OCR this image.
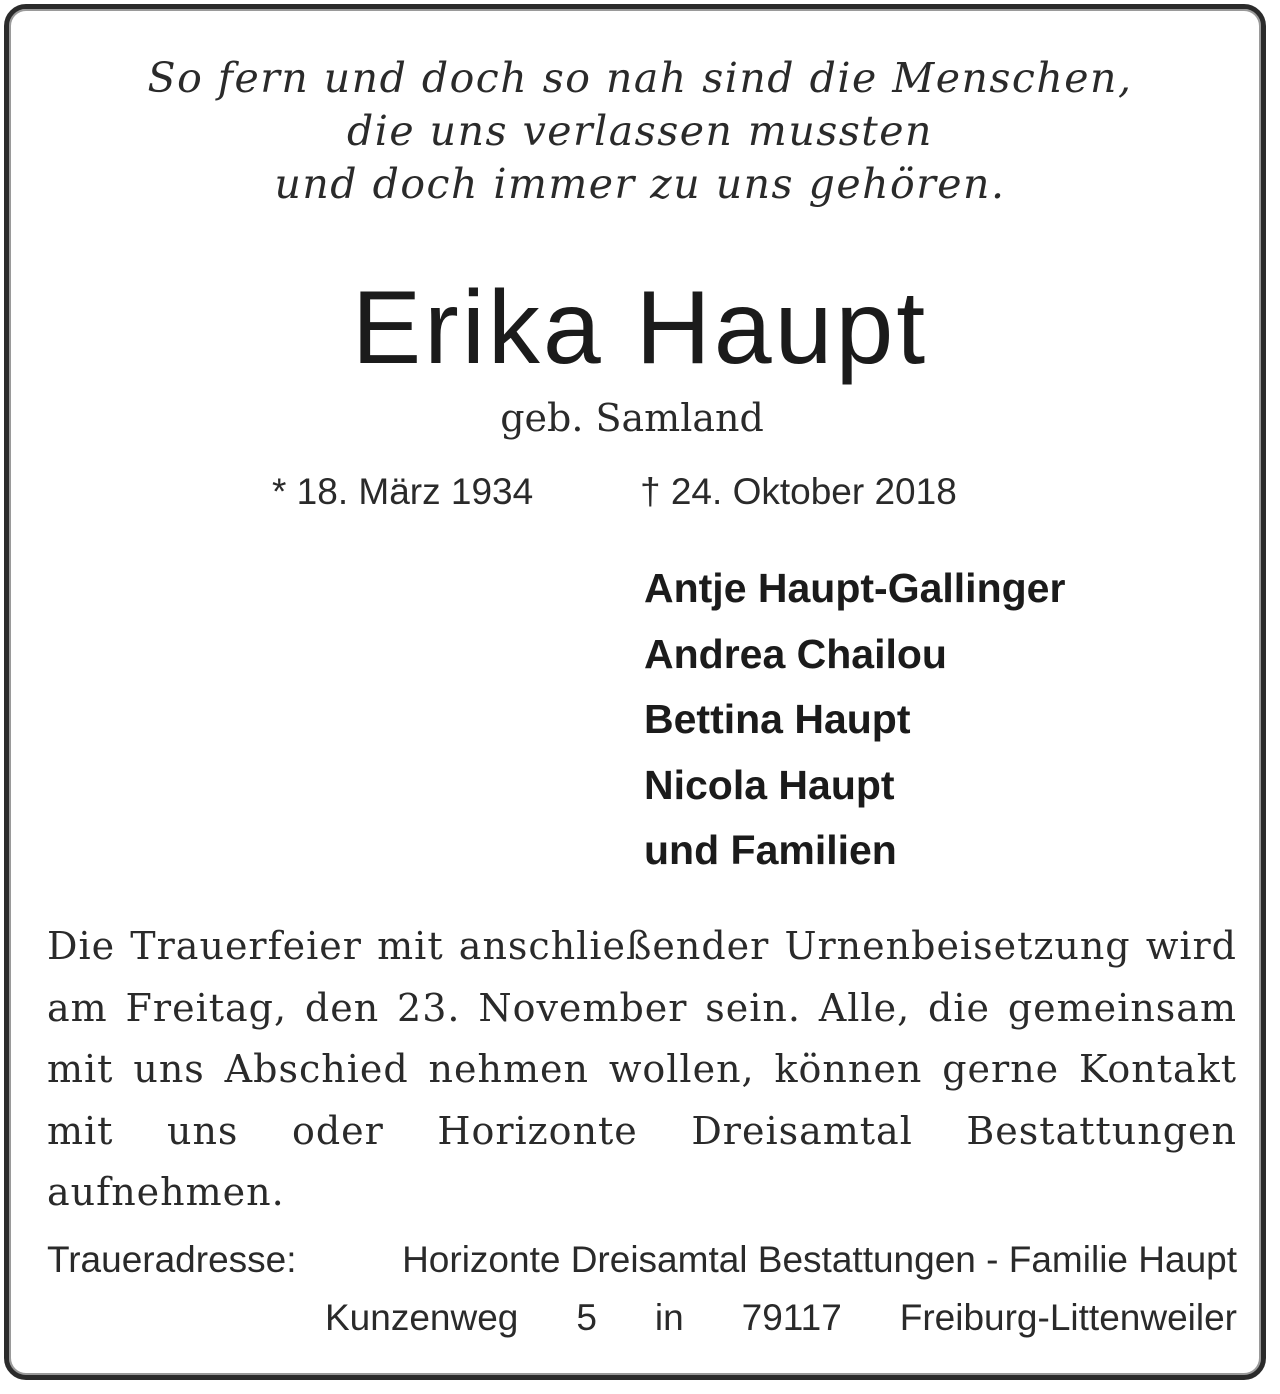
So fern und doch so nah sind die Menschen,
die uns verlassen mussten
und doch immer zu uns gehören.
Erika Haupt
geb. Samland
* 18. März 1934	† 24. Oktober 2018
Antje Haupt-Gallinger
Andrea Chailou
Bettina Haupt
Nicola Haupt
und Familien
Die Trauerfeier mit anschließender Urnenbeisetzung wird am Freitag, den 23. November sein. Alle, die gemeinsam mit uns Abschied nehmen wollen, können gerne Kontakt mit uns oder Horizonte Dreisamtal Bestattungen aufnehmen.
Traueradresse:	Horizonte Dreisamtal Bestattungen - Familie Haupt
Kunzenweg 5 in 79117 Freiburg-Littenweiler
